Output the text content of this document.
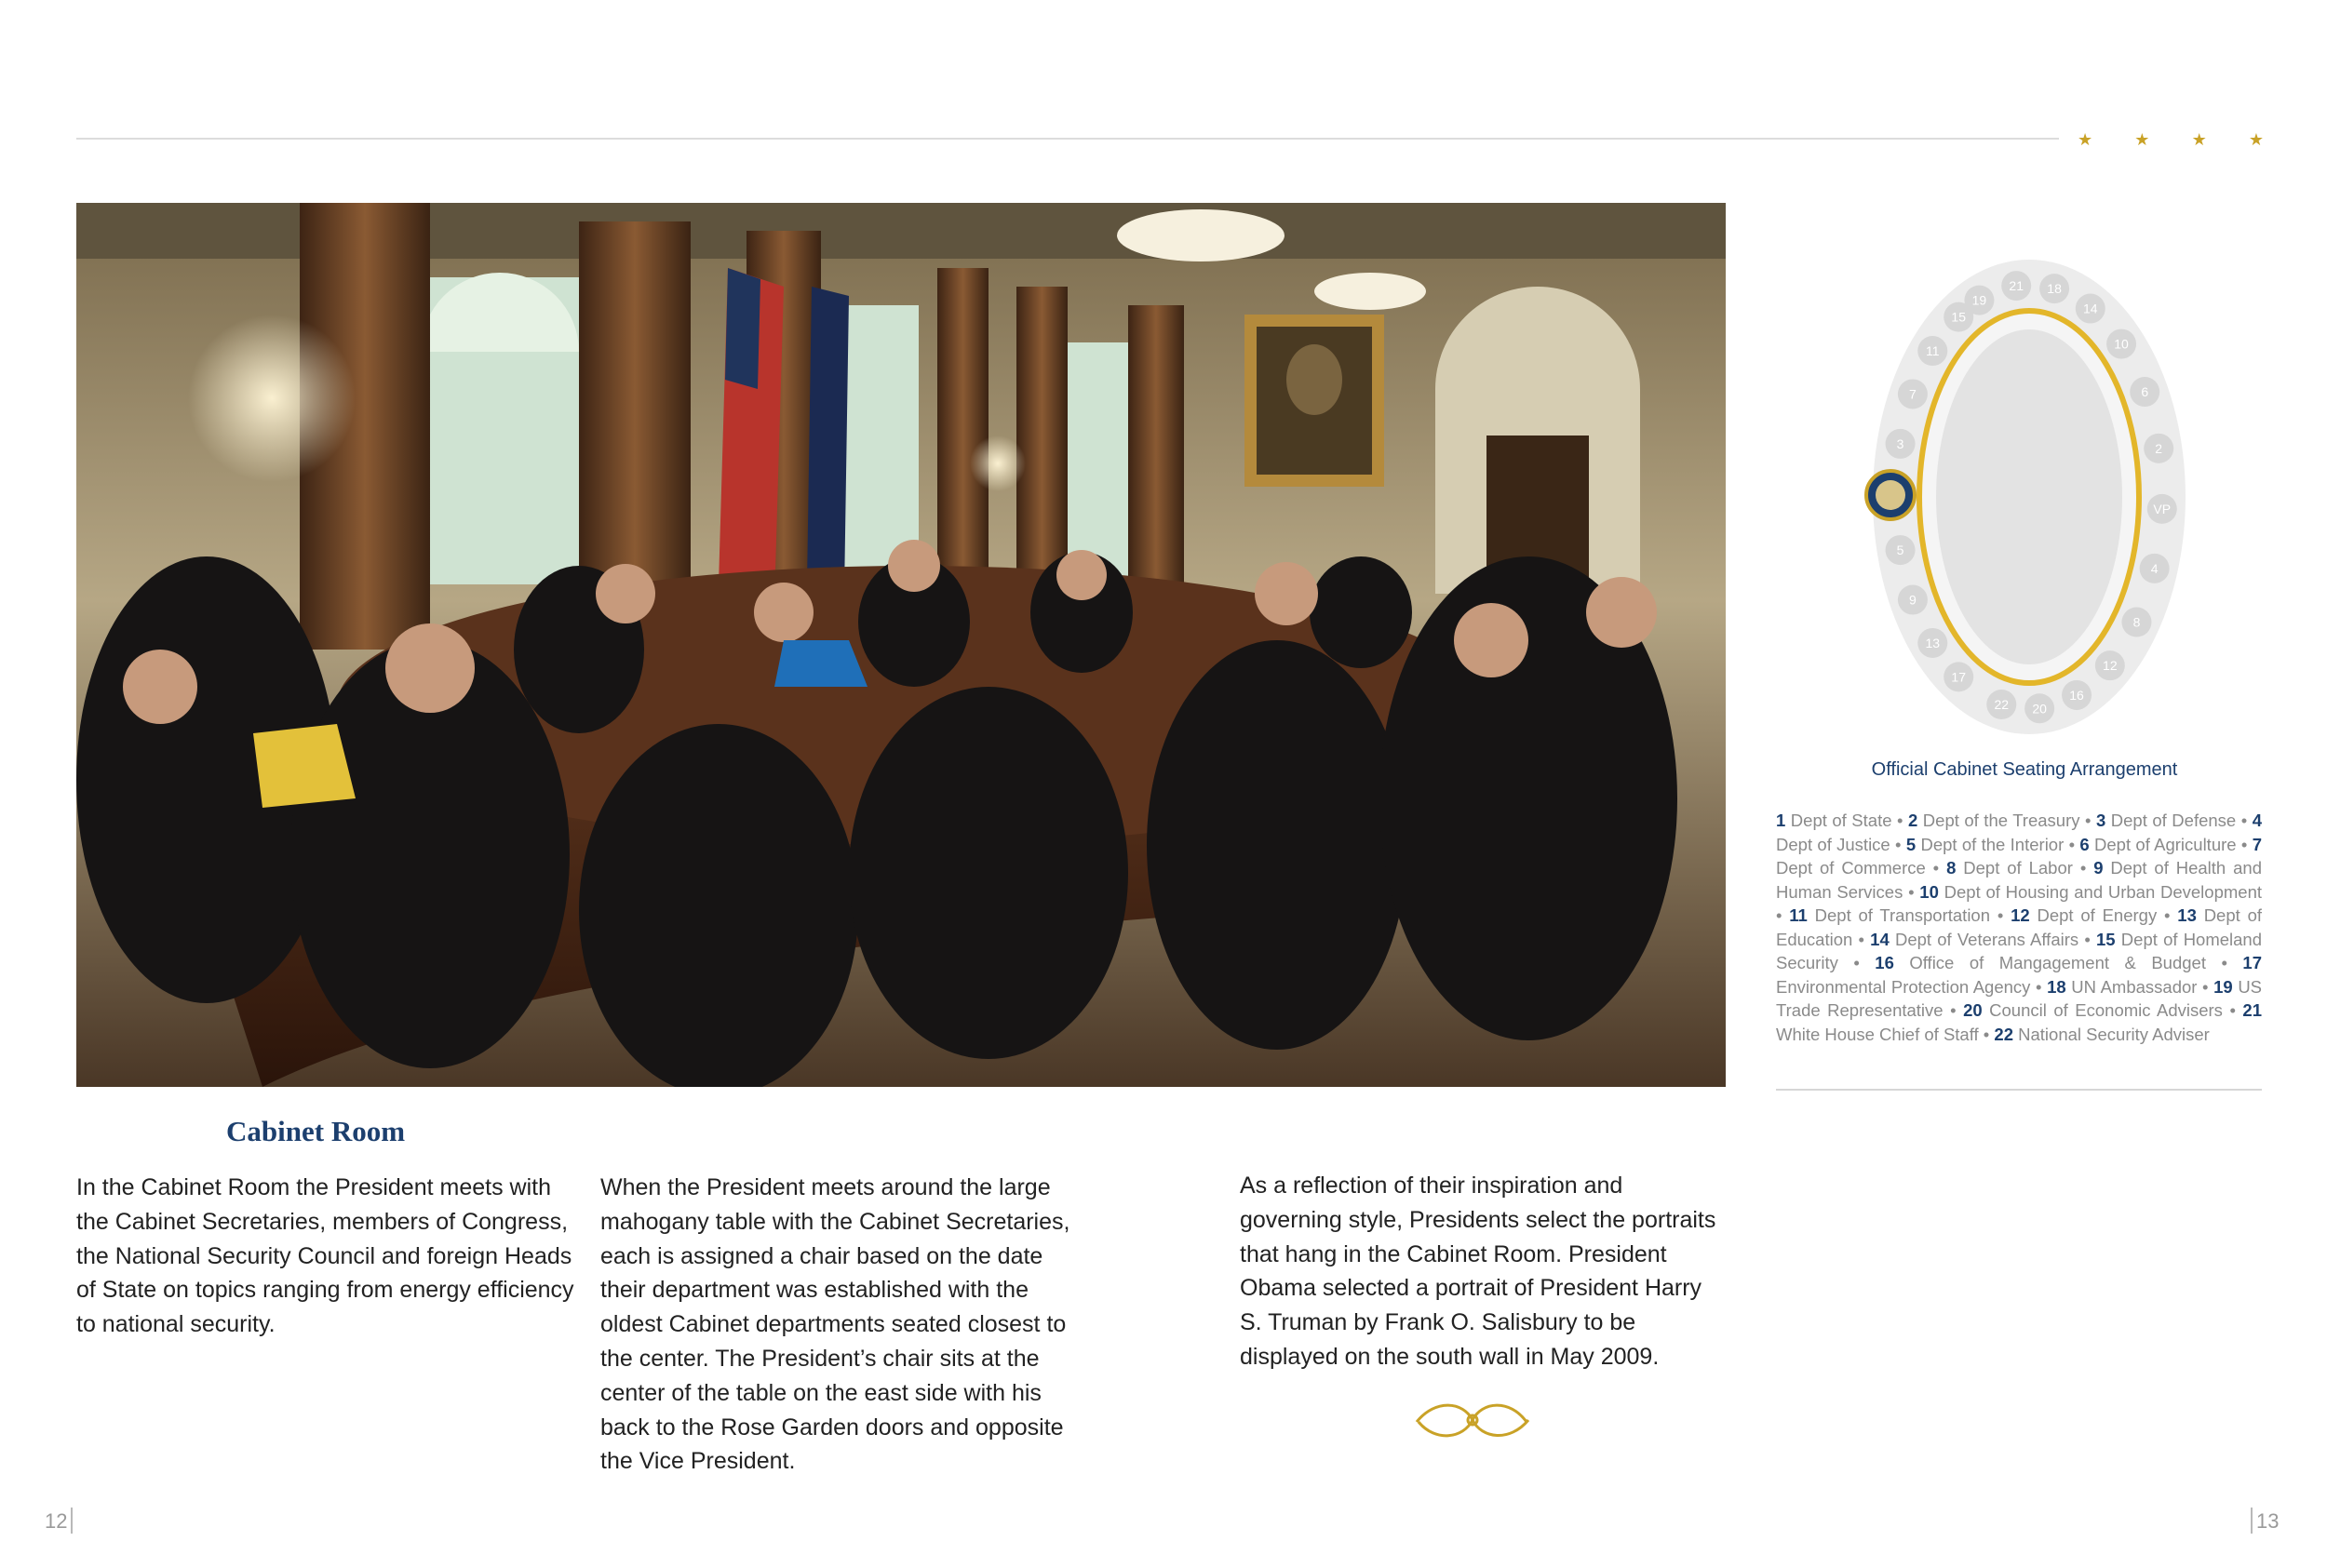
★	★	★	★
Cabinet Room
In the Cabinet Room the President meets with the Cabinet Secretaries, members of Congress, the National Security Council and foreign Heads of State on topics ranging from energy efficiency to national security.
When the President meets around the large mahogany table with the Cabinet Secretaries, each is assigned a chair based on the date their department was established with the oldest Cabinet departments seated closest to the center. The President’s chair sits at the center of the table on the east side with his back to the Rose Garden doors and opposite the Vice President.
As a reflection of their inspiration and governing style, Presidents select the portraits that hang in the Cabinet Room. President Obama selected a portrait of President Harry S. Truman by Frank O. Salisbury to be displayed on the south wall in May 2009.
15
11
7
3
5
9
13
17
19
21 18
14
10
6
2
VP
4
8
12
16
20
22
Official Cabinet Seating Arrangement
1 Dept of State • 2 Dept of the Treasury • 3 Dept of Defense • 4 Dept of Justice • 5 Dept of the Interior • 6 Dept of Agriculture • 7 Dept of Commerce • 8 Dept of Labor • 9 Dept of Health and Human Services • 10 Dept of Housing and Urban Development • 11 Dept of Transportation • 12 Dept of Energy • 13 Dept of Education • 14 Dept of Veterans Affairs • 15 Dept of Homeland Security • 16 Office of Mangagement & Budget • 17 Environmental Protection Agency • 18 UN Ambassador • 19 US Trade Representative • 20 Council of Economic Advisers • 21 White House Chief of Staff • 22 National Security Adviser
12	13
